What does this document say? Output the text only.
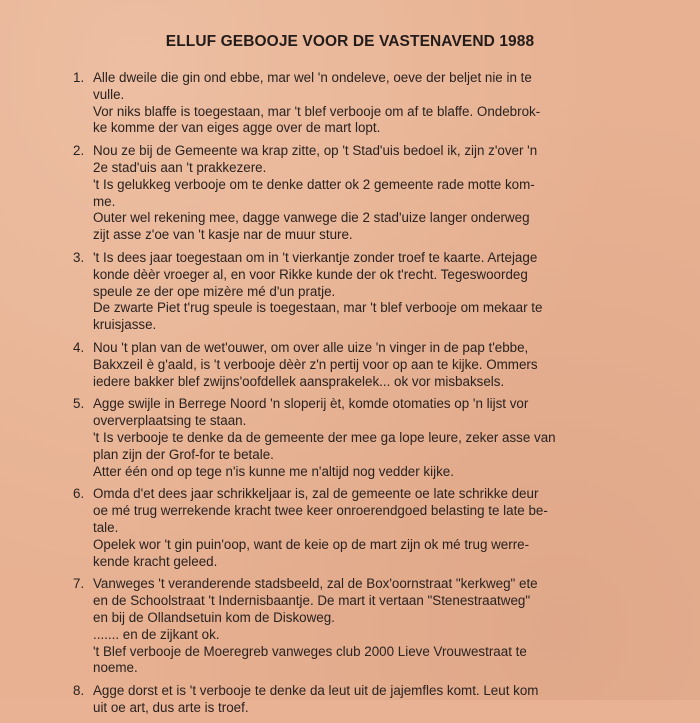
ELLUF GEBOOJE VOOR DE VASTENAVEND 1988
1. Alle dweile die gin ond ebbe, mar wel 'n ondeleve, oeve der beljet nie in te
vulle.
Vor niks blaffe is toegestaan, mar 't blef verbooje om af te blaffe. Ondebrok-
ke komme der van eiges agge over de mart lopt.
2. Nou ze bij de Gemeente wa krap zitte, op 't Stad'uis bedoel ik, zijn z'over 'n
2e stad'uis aan 't prakkezere.
't Is gelukkeg verbooje om te denke datter ok 2 gemeente rade motte kom-
me.
Outer wel rekening mee, dagge vanwege die 2 stad'uize langer onderweg
zijt asse z'oe van 't kasje nar de muur sture.
3. 't Is dees jaar toegestaan om in 't vierkantje zonder troef te kaarte. Artejage
konde dèèr vroeger al, en voor Rikke kunde der ok t'recht. Tegeswoordeg
speule ze der ope mizère mé d'un pratje.
De zwarte Piet t'rug speule is toegestaan, mar 't blef verbooje om mekaar te
kruisjasse.
4. Nou 't plan van de wet'ouwer, om over alle uize 'n vinger in de pap t'ebbe,
Bakxzeil è g'aald, is 't verbooje dèèr z'n pertij voor op aan te kijke. Ommers
iedere bakker blef zwijns'oofdellek aansprakelek... ok vor misbaksels.
5. Agge swijle in Berrege Noord 'n sloperij èt, komde otomaties op 'n lijst vor
oververplaatsing te staan.
't Is verbooje te denke da de gemeente der mee ga lope leure, zeker asse van
plan zijn der Grof-for te betale.
Atter één ond op tege n'is kunne me n'altijd nog vedder kijke.
6. Omda d'et dees jaar schrikkeljaar is, zal de gemeente oe late schrikke deur
oe mé trug werrekende kracht twee keer onroerendgoed belasting te late be-
tale.
Opelek wor 't gin puin'oop, want de keie op de mart zijn ok mé trug werre-
kende kracht geleed.
7. Vanweges 't veranderende stadsbeeld, zal de Box'oornstraat "kerkweg" ete
en de Schoolstraat 't Indernisbaantje. De mart it vertaan "Stenestraatweg"
en bij de Ollandsetuin kom de Diskoweg.
....... en de zijkant ok.
't Blef verbooje de Moeregreb vanweges club 2000 Lieve Vrouwestraat te
noeme.
8. Agge dorst et is 't verbooje te denke da leut uit de jajemfles komt. Leut kom
uit oe art, dus arte is troef.
